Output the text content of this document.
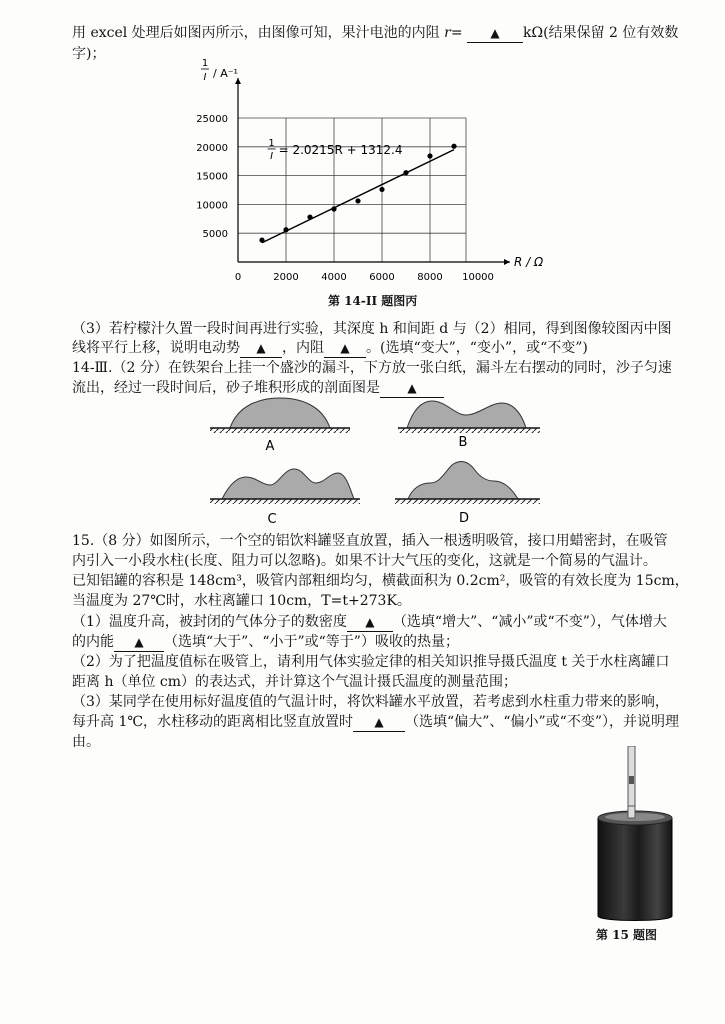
用 excel 处理后如图丙所示，由图像可知，果汁电池的内阻 r= ▲ kΩ(结果保留 2 位有效数
字)；
0	2000 4000 6000 8000 10000
5000
10000
15000
20000
25000
R / Ω
1
I / A⁻¹
1
I = 2.0215R + 1312.4
第 14-II 题图丙
（3）若柠檬汁久置一段时间再进行实验，其深度 h 和间距 d 与（2）相同，得到图像较图丙中图
线将平行上移，说明电动势 ▲ ，内阻 ▲ 。(选填“变大”，“变小”，或“不变”)
14-Ⅲ.（2 分）在铁架台上挂一个盛沙的漏斗，下方放一张白纸，漏斗左右摆动的同时，沙子匀速
流出，经过一段时间后，砂子堆积形成的剖面图是 ▲
A	B
C	D
15.（8 分）如图所示，一个空的铝饮料罐竖直放置，插入一根透明吸管，接口用蜡密封，在吸管
内引入一小段水柱(长度、阻力可以忽略)。如果不计大气压的变化，这就是一个简易的气温计。
已知铝罐的容积是 148cm³，吸管内部粗细均匀，横截面积为 0.2cm²，吸管的有效长度为 15cm，
当温度为 27℃时，水柱离罐口 10cm，T=t+273K。
（1）温度升高，被封闭的气体分子的数密度 ▲ （选填“增大”、“减小”或“不变”），气体增大
的内能 ▲ （选填“大于”、“小于”或“等于”）吸收的热量；
（2）为了把温度值标在吸管上，请利用气体实验定律的相关知识推导摄氏温度 t 关于水柱离罐口
距离 h（单位 cm）的表达式，并计算这个气温计摄氏温度的测量范围；
（3）某同学在使用标好温度值的气温计时，将饮料罐水平放置，若考虑到水柱重力带来的影响，
每升高 1℃，水柱移动的距离相比竖直放置时 ▲ （选填“偏大”、“偏小”或“不变”），并说明理
由。
第 15 题图
